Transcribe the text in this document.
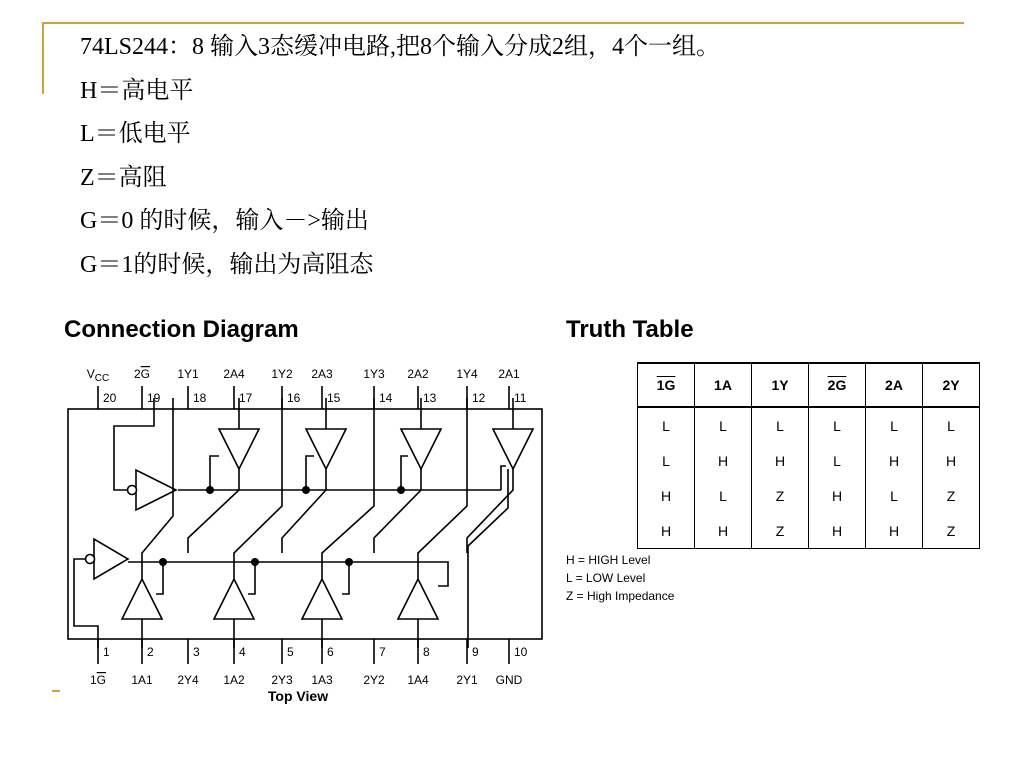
74LS244：8 输入3态缓冲电路,把8个输入分成2组，4个一组。
H＝高电平
L＝低电平
Z＝高阻
G＝0 的时候，输入－>输出
G＝1的时候，输出为高阻态
Connection Diagram	Truth Table
$V_{CC}$
20
2G
19
1Y1
18
2A4
17
1Y2
16
2A3
15
1Y3
14
2A2
13
1Y4
12
2A1
11
1G
1
1A1
2
2Y4
3
1A2
4
2Y3
5
1A3
6
2Y2
7
1A4
8
2Y1
9
GND
10
Top View
1G	1A	1Y	2G	2A	2Y
L	L	L	L	L	L
L	H	H	L	H	H
H	L	Z	H	L	Z
H	H	Z	H	H	Z
H = HIGH Level
L = LOW Level
Z = High Impedance
